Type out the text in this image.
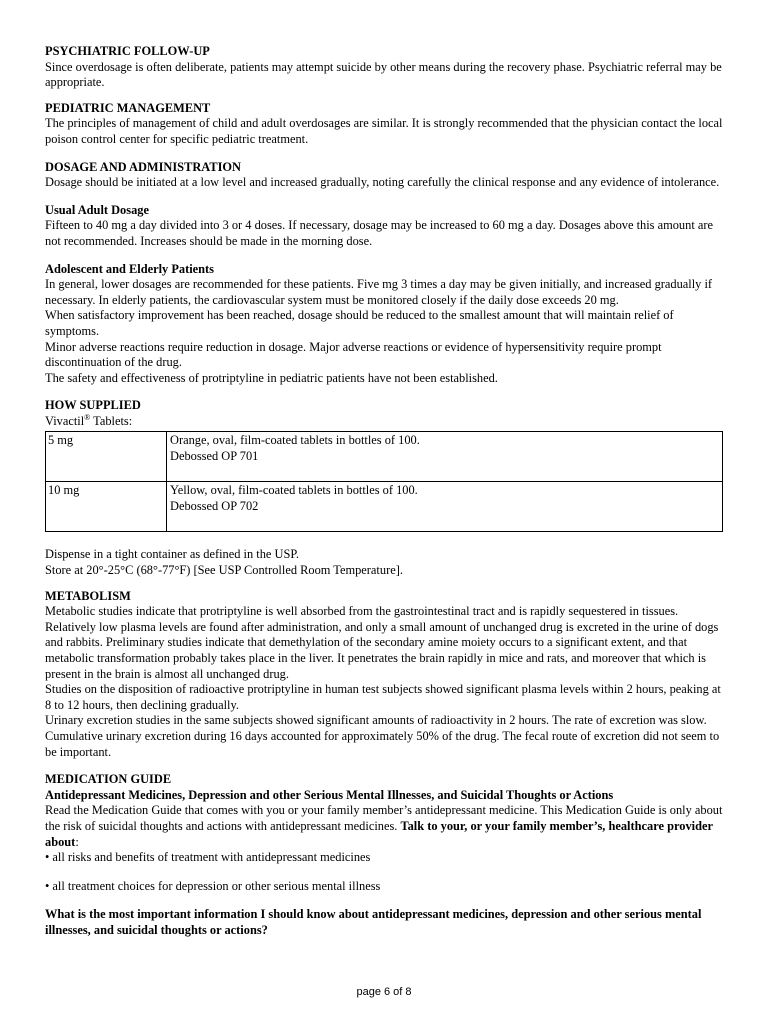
PSYCHIATRIC FOLLOW-UP

Since overdosage is often deliberate, patients may attempt suicide by other means during the recovery phase. Psychiatric referral may be appropriate.

PEDIATRIC MANAGEMENT

The principles of management of child and adult overdosages are similar. It is strongly recommended that the physician contact the local poison control center for specific pediatric treatment.

DOSAGE AND ADMINISTRATION

Dosage should be initiated at a low level and increased gradually, noting carefully the clinical response and any evidence of intolerance.

Usual Adult Dosage

Fifteen to 40 mg a day divided into 3 or 4 doses. If necessary, dosage may be increased to 60 mg a day. Dosages above this amount are not recommended. Increases should be made in the morning dose.

Adolescent and Elderly Patients

In general, lower dosages are recommended for these patients. Five mg 3 times a day may be given initially, and increased gradually if necessary. In elderly patients, the cardiovascular system must be monitored closely if the daily dose exceeds 20 mg.

When satisfactory improvement has been reached, dosage should be reduced to the smallest amount that will maintain relief of symptoms.

Minor adverse reactions require reduction in dosage. Major adverse reactions or evidence of hypersensitivity require prompt discontinuation of the drug.

The safety and effectiveness of protriptyline in pediatric patients have not been established.

HOW SUPPLIED

Vivactil® Tablets:

5 mg	Orange, oval, film-coated tablets in bottles of 100.
Debossed OP 701

10 mg	Yellow, oval, film-coated tablets in bottles of 100.
Debossed OP 702

Dispense in a tight container as defined in the USP.

Store at 20°-25°C (68°-77°F) [See USP Controlled Room Temperature].

METABOLISM

Metabolic studies indicate that protriptyline is well absorbed from the gastrointestinal tract and is rapidly sequestered in tissues. Relatively low plasma levels are found after administration, and only a small amount of unchanged drug is excreted in the urine of dogs and rabbits. Preliminary studies indicate that demethylation of the secondary amine moiety occurs to a significant extent, and that metabolic transformation probably takes place in the liver. It penetrates the brain rapidly in mice and rats, and moreover that which is present in the brain is almost all unchanged drug.

Studies on the disposition of radioactive protriptyline in human test subjects showed significant plasma levels within 2 hours, peaking at 8 to 12 hours, then declining gradually.

Urinary excretion studies in the same subjects showed significant amounts of radioactivity in 2 hours. The rate of excretion was slow. Cumulative urinary excretion during 16 days accounted for approximately 50% of the drug. The fecal route of excretion did not seem to be important.

MEDICATION GUIDE
Antidepressant Medicines, Depression and other Serious Mental Illnesses, and Suicidal Thoughts or Actions

Read the Medication Guide that comes with you or your family member’s antidepressant medicine. This Medication Guide is only about the risk of suicidal thoughts and actions with antidepressant medicines. Talk to your, or your family member’s, healthcare provider about:

• all risks and benefits of treatment with antidepressant medicines

• all treatment choices for depression or other serious mental illness

What is the most important information I should know about antidepressant medicines, depression and other serious mental illnesses, and suicidal thoughts or actions?

page 6 of 8
